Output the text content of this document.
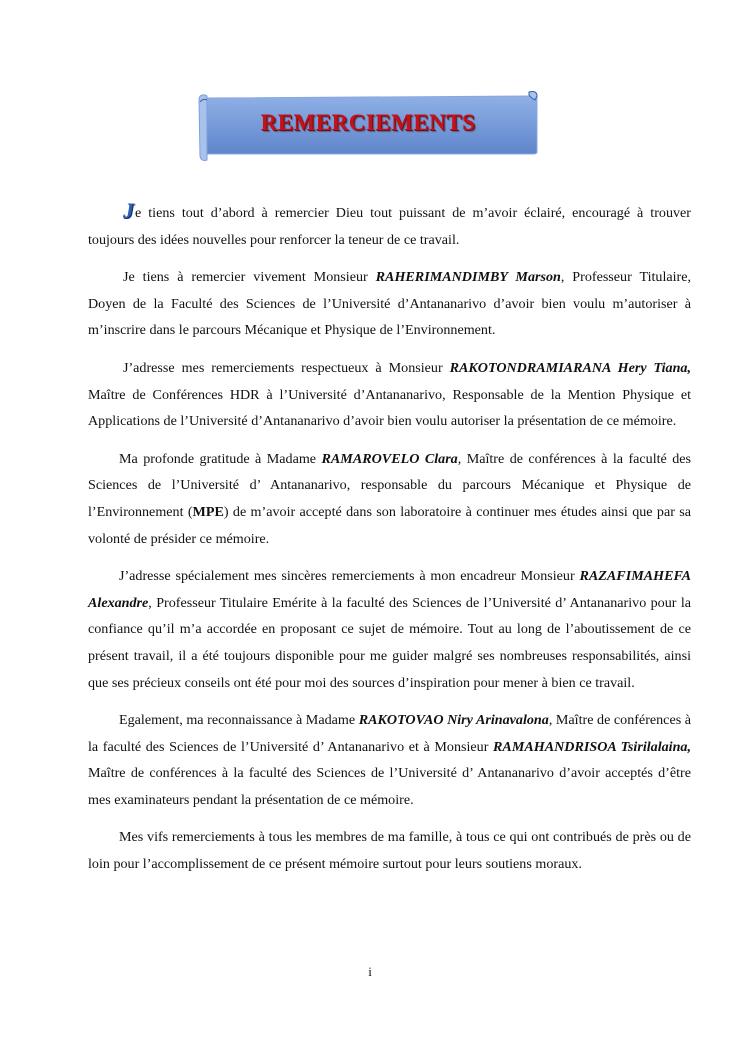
REMERCIEMENTS

Je tiens tout d’abord à remercier Dieu tout puissant de m’avoir éclairé, encouragé à trouver toujours des idées nouvelles pour renforcer la teneur de ce travail.

Je tiens à remercier vivement Monsieur RAHERIMANDIMBY Marson, Professeur Titulaire, Doyen de la Faculté des Sciences de l’Université d’Antananarivo d’avoir bien voulu m’autoriser à m’inscrire dans le parcours Mécanique et Physique de l’Environnement.

J’adresse mes remerciements respectueux à Monsieur RAKOTONDRAMIARANA Hery Tiana, Maître de Conférences HDR à l’Université d’Antananarivo, Responsable de la Mention Physique et Applications de l’Université d’Antananarivo d’avoir bien voulu autoriser la présentation de ce mémoire.

Ma profonde gratitude à Madame RAMAROVELO Clara, Maître de conférences à la faculté des Sciences de l’Université d’ Antananarivo, responsable du parcours Mécanique et Physique de l’Environnement (MPE) de m’avoir accepté dans son laboratoire à continuer mes études ainsi que par sa volonté de présider ce mémoire.

J’adresse spécialement mes sincères remerciements à mon encadreur Monsieur RAZAFIMAHEFA Alexandre, Professeur Titulaire Emérite à la faculté des Sciences de l’Université d’ Antananarivo pour la confiance qu’il m’a accordée en proposant ce sujet de mémoire. Tout au long de l’aboutissement de ce présent travail, il a été toujours disponible pour me guider malgré ses nombreuses responsabilités, ainsi que ses précieux conseils ont été pour moi des sources d’inspiration pour mener à bien ce travail.

Egalement, ma reconnaissance à Madame RAKOTOVAO Niry Arinavalona, Maître de conférences à la faculté des Sciences de l’Université d’ Antananarivo et à Monsieur RAMAHANDRISOA Tsirilalaina, Maître de conférences à la faculté des Sciences de l’Université d’ Antananarivo d’avoir acceptés d’être mes examinateurs pendant la présentation de ce mémoire.

Mes vifs remerciements à tous les membres de ma famille, à tous ce qui ont contribués de près ou de loin pour l’accomplissement de ce présent mémoire surtout pour leurs soutiens moraux.

i
